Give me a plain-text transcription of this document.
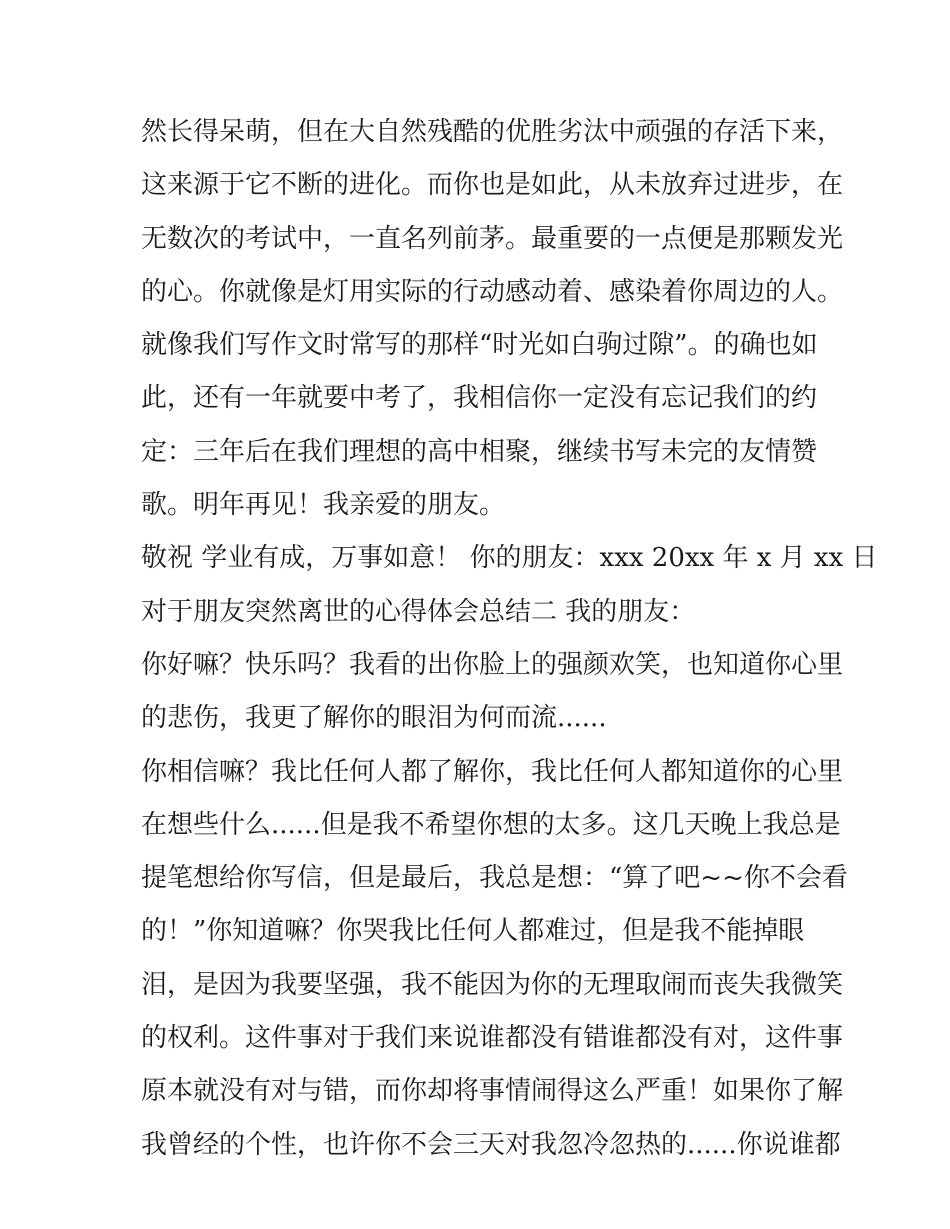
然长得呆萌，但在大自然残酷的优胜劣汰中顽强的存活下来，
这来源于它不断的进化。而你也是如此，从未放弃过进步，在
无数次的考试中，一直名列前茅。最重要的一点便是那颗发光
的心。你就像是灯用实际的行动感动着、感染着你周边的人。
就像我们写作文时常写的那样“时光如白驹过隙”。的确也如
此，还有一年就要中考了，我相信你一定没有忘记我们的约
定：三年后在我们理想的高中相聚，继续书写未完的友情赞
歌。明年再见！我亲爱的朋友。
敬祝 学业有成，万事如意！ 你的朋友：xxx 20xx 年 x 月 xx 日
对于朋友突然离世的心得体会总结二 我的朋友：
你好嘛？快乐吗？我看的出你脸上的强颜欢笑，也知道你心里
的悲伤，我更了解你的眼泪为何而流......
你相信嘛？我比任何人都了解你，我比任何人都知道你的心里
在想些什么......但是我不希望你想的太多。这几天晚上我总是
提笔想给你写信，但是最后，我总是想：“算了吧~~你不会看
的！”你知道嘛？你哭我比任何人都难过，但是我不能掉眼
泪，是因为我要坚强，我不能因为你的无理取闹而丧失我微笑
的权利。这件事对于我们来说谁都没有错谁都没有对，这件事
原本就没有对与错，而你却将事情闹得这么严重！如果你了解
我曾经的个性，也许你不会三天对我忽冷忽热的......你说谁都
